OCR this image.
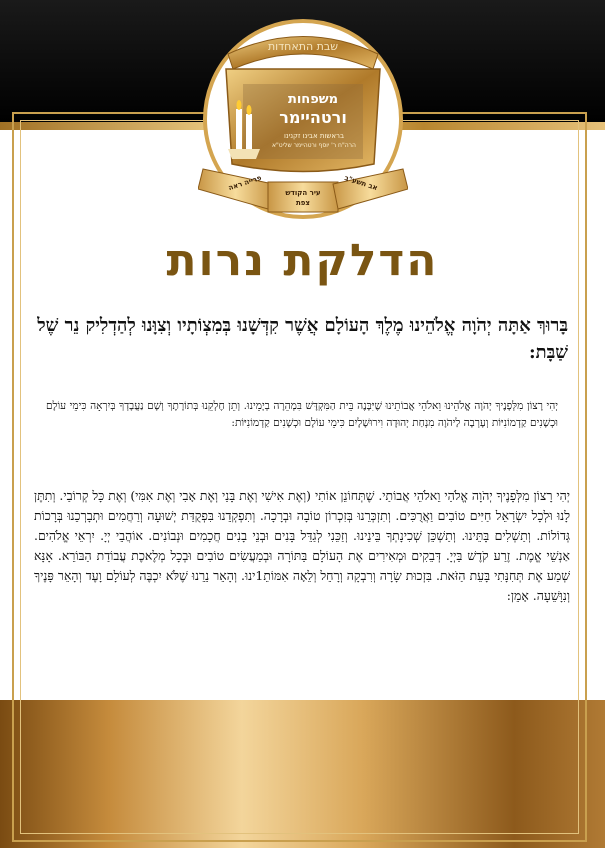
שבת התאחדות
משפחות
ורטהיימר
בראשות אבינו זקנינו
הרה"ח ר' יוסף ורטהיימר שליט"א
פרייה ראה
עיר הקודש צפת
אב תשע"ב
הדלקת נרות
בָּרוּךְ אַתָּה יְהֹוָה אֱלֹהֵינוּ מֶלֶךְ הָעוֹלָם אֲשֶׁר קִדְּשָׁנוּ בְּמִצְוֹתָיו וְצִוָּנוּ לְהַדְלִיק נֵר שֶׁל שַׁבָּת:
יְהִי רָצוֹן מִלְּפָנֶיךָ יְהֹוָה אֱלֹהֵינוּ וֵאלֹהֵי אֲבוֹתֵינוּ שֶׁיִּבָּנֶה בֵּית הַמִּקְדָּשׁ בִּמְהֵרָה בְיָמֵינוּ. וְתֵן חֶלְקֵנוּ בְּתוֹרָתֶךָ וְשָׁם נַעֲבָדְךָ בְּיִרְאָה כִּימֵי עוֹלָם וּכְשָׁנִים קַדְמוֹנִיּוֹת וְעָרְבָה לַיהֹוָה מִנְחַת יְהוּדָה וִירוּשָׁלָיִם כִּימֵי עוֹלָם וּכְשָׁנִים קַדְמוֹנִיּוֹת:
יְהִי רָצוֹן מִלְּפָנֶיךָ יְהֹוָה אֱלֹהַי וֵאלֹהֵי אֲבוֹתַי. שֶׁתְּחוֹנֵן אוֹתִי (וְאֶת אִישִׁי וְאֶת בָּנַי וְאֶת אָבִי וְאֶת אִמִּי) וְאֶת כָּל קְרוֹבַי. וְתִתֶּן לָנוּ וּלְכָל יִשְׂרָאֵל חַיִּים טוֹבִים וַאֲרֻכִּים. וְתִזְכְּרֵנוּ בְּזִכְרוֹן טוֹבָה וּבְרָכָה. וְתִפְקְדֵנוּ בִּפְקֻדַּת יְשׁוּעָה וְרַחֲמִים וּתְבָרְכֵנוּ בְּרָכוֹת גְּדוֹלוֹת. וְתַשְׁלִים בָּתֵּינוּ. וְתַשְׁכֵּן שְׁכִינָתְךָ בֵּינֵינוּ. וְזַכֵּנִי לְגַדֵּל בָּנִים וּבְנֵי בָנִים חֲכָמִים וּנְבוֹנִים. אוֹהֲבֵי יְיָ. יִרְאֵי אֱלֹהִים. אַנְשֵׁי אֱמֶת. זֶרַע קֹדֶשׁ בַּיְיָ. דְּבֵקִים וּמְאִירִים אֶת הָעוֹלָם בַּתּוֹרָה וּבְמַעֲשִׂים טוֹבִים וּבְכָל מְלֶאכֶת עֲבוֹדַת הַבּוֹרֵא. אָנָּא שְׁמַע אֶת תְּחִנָּתִי בָּעֵת הַזֹּאת. בִּזְכוּת שָׂרָה וְרִבְקָה וְרָחֵל וְלֵאָה אִמּוֹתֵ1ינוּ. וְהָאֵר נֵרֵנוּ שֶׁלֹּא יִכְבֶּה לְעוֹלָם וָעֶד וְהָאֵר פָּנֶיךָ וְנִוָּשֵׁעָה. אָמֵן:
